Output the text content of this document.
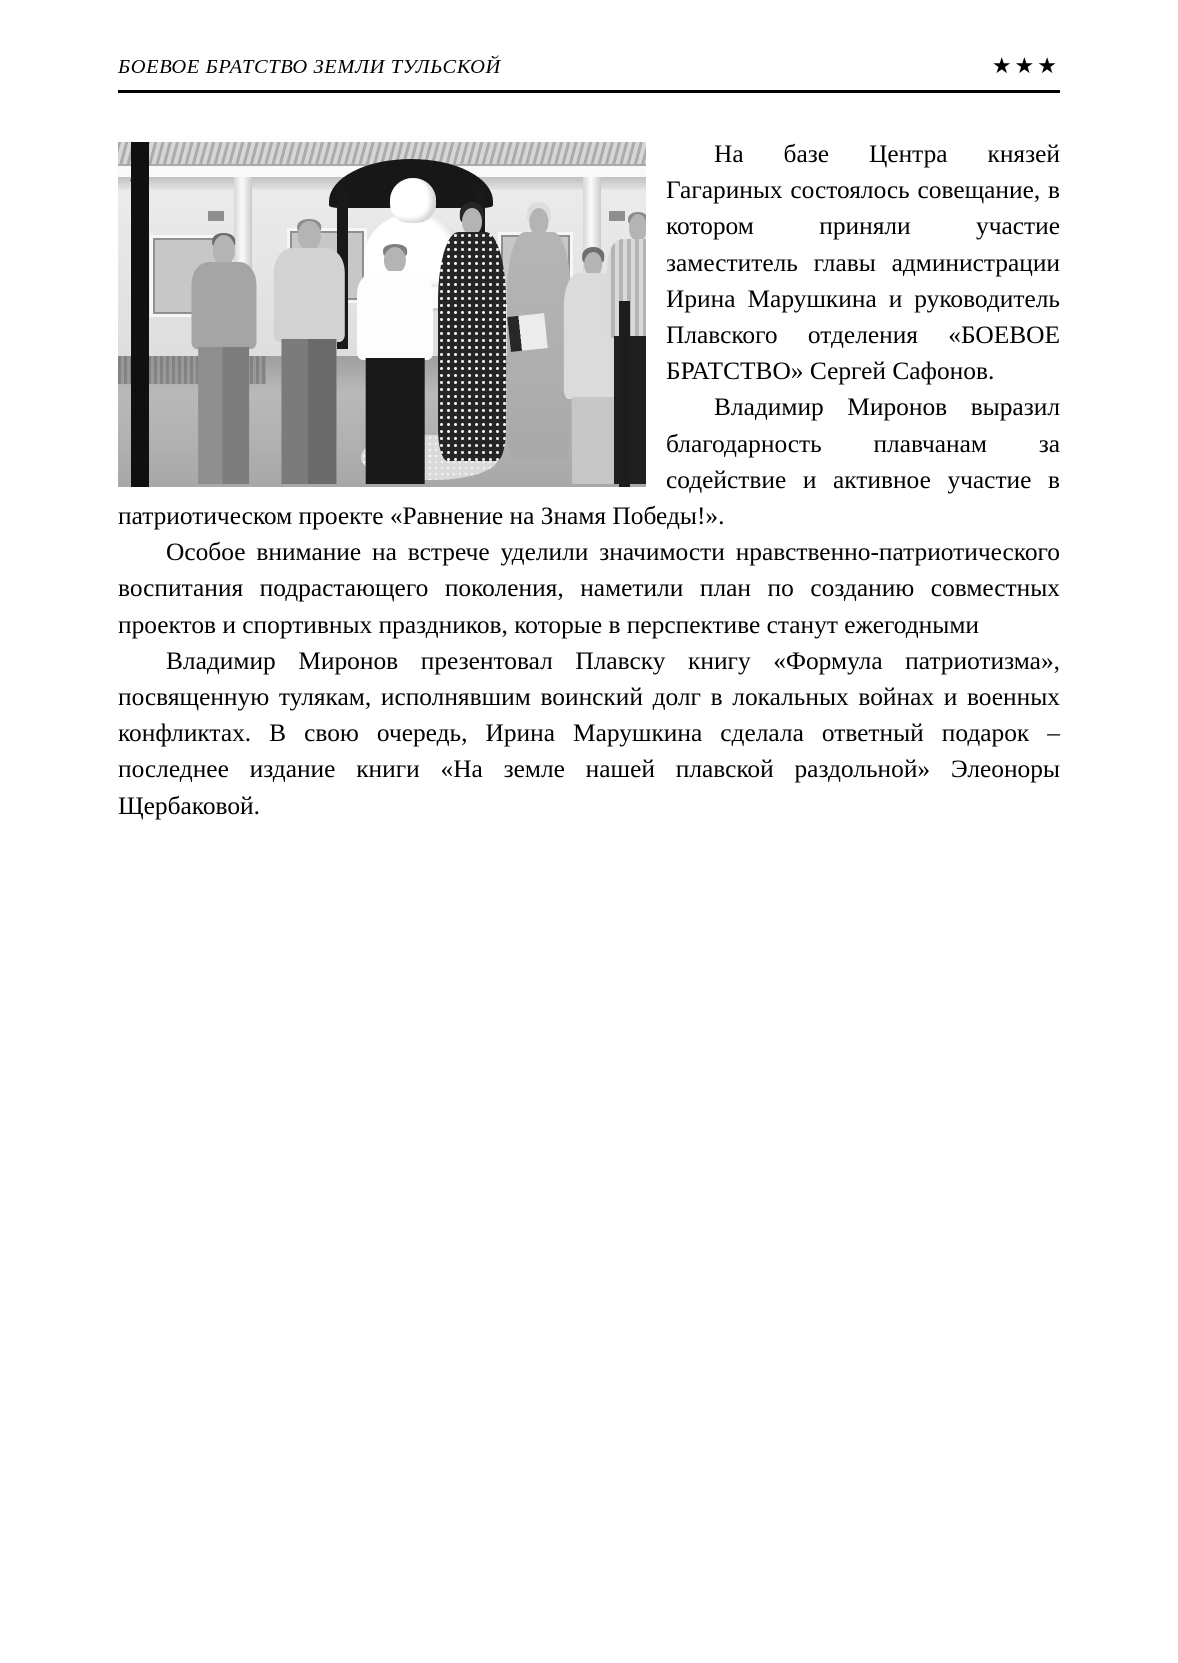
БОЕВОЕ БРАТСТВО ЗЕМЛИ ТУЛЬСКОЙ	★★★

На базе Центра князей Гагариных состоялось совещание, в котором приняли участие заместитель главы администрации Ирина Марушкина и руководитель Плавского отделения «БОЕВОЕ БРАТСТВО» Сергей Сафонов.

Владимир Миронов выразил благодарность плавчанам за содействие и активное участие в патриотическом проекте «Равнение на Знамя Победы!».

Особое внимание на встрече уделили значимости нравственно-патриотического воспитания подрастающего поколения, наметили план по созданию совместных проектов и спортивных праздников, которые в перспективе станут ежегодными

Владимир Миронов презентовал Плавску книгу «Формула патриотизма», посвященную тулякам, исполнявшим воинский долг в локальных войнах и военных конфликтах. В свою очередь, Ирина Марушкина сделала ответный подарок – последнее издание книги «На земле нашей плавской раздольной» Элеоноры Щербаковой.
